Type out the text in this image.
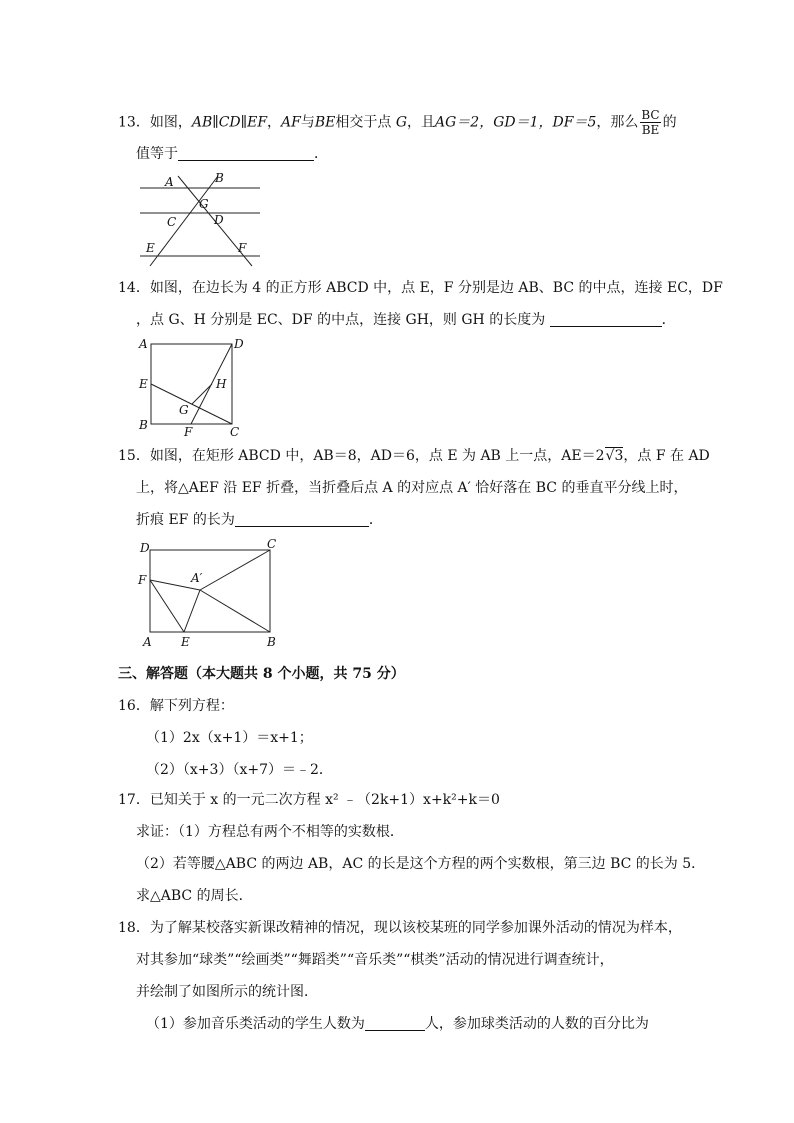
13．如图，AB∥CD∥EF，AF与BE相交于点 G，且AG＝2，GD＝1，DF＝5，那么 $\frac{BC}{BE}$ 的
值等于	．
A	B
G
C	D
E	F
14．如图，在边长为 4 的正方形 ABCD 中，点 E，F 分别是边 AB、BC 的中点，连接 EC，DF
，点 G、H 分别是 EC、DF 的中点，连接 GH，则 GH 的长度为	．
A	D
E	H
G
B	F	C
15．如图，在矩形 ABCD 中，AB＝8，AD＝6，点 E 为 AB 上一点，AE＝2√3，点 F 在 AD
上，将△AEF 沿 EF 折叠，当折叠后点 A 的对应点 A′ 恰好落在 BC 的垂直平分线上时，
折痕 EF 的长为	．
D	C
F	A′
A E	B
三、解答题（本大题共 8 个小题，共 75 分）
16．解下列方程：
（1）2x（x+1）＝x+1；
（2）（x+3）（x+7）＝﹣2．
17．已知关于 x 的一元二次方程 x² ﹣（2k+1）x+k²+k＝0
求证：（1）方程总有两个不相等的实数根．
（2）若等腰△ABC 的两边 AB，AC 的长是这个方程的两个实数根，第三边 BC 的长为 5．
求△ABC 的周长．
18．为了解某校落实新课改精神的情况，现以该校某班的同学参加课外活动的情况为样本，
对其参加“球类”“绘画类”“舞蹈类”“音乐类”“棋类”活动的情况进行调查统计，
并绘制了如图所示的统计图．
（1）参加音乐类活动的学生人数为	人，参加球类活动的人数的百分比为
